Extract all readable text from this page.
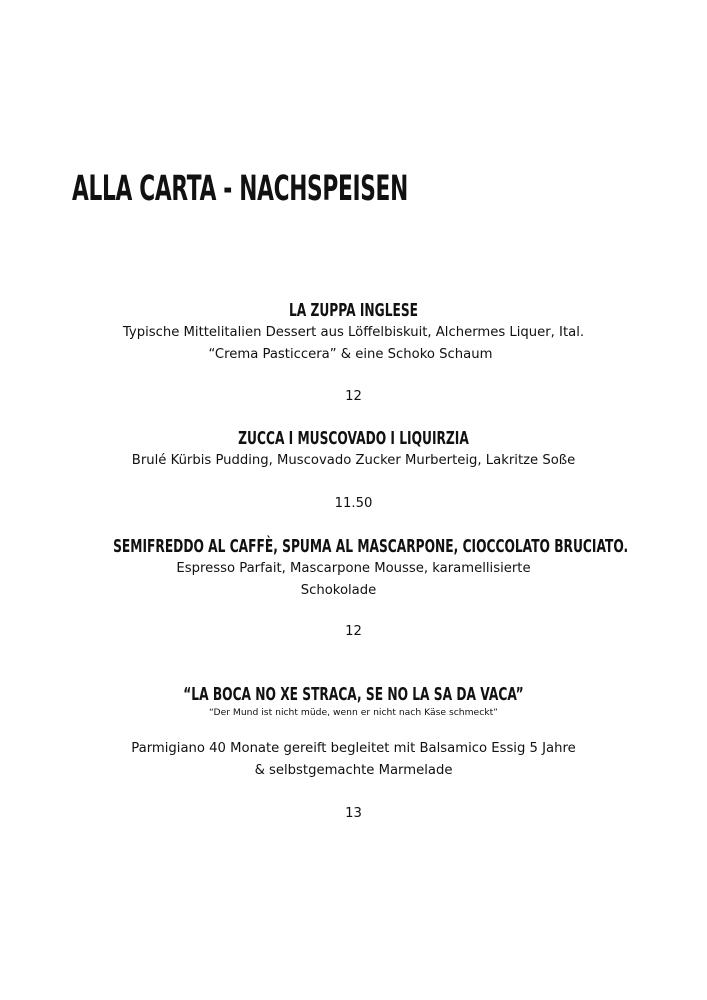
ALLA CARTA - NACHSPEISEN
LA ZUPPA INGLESE
Typische Mittelitalien Dessert aus Löffelbiskuit, Alchermes Liquer, Ital.
“Crema Pasticcera” & eine Schoko Schaum
12
ZUCCA I MUSCOVADO I LIQUIRZIA
Brulé Kürbis Pudding, Muscovado Zucker Murberteig, Lakritze Soße
11.50
SEMIFREDDO AL CAFFÈ, SPUMA AL MASCARPONE, CIOCCOLATO BRUCIATO.
Espresso Parfait, Mascarpone Mousse, karamellisierte
Schokolade
12
“LA BOCA NO XE STRACA, SE NO LA SA DA VACA”
“Der Mund ist nicht müde, wenn er nicht nach Käse schmeckt”
Parmigiano 40 Monate gereift begleitet mit Balsamico Essig 5 Jahre
& selbstgemachte Marmelade
13
